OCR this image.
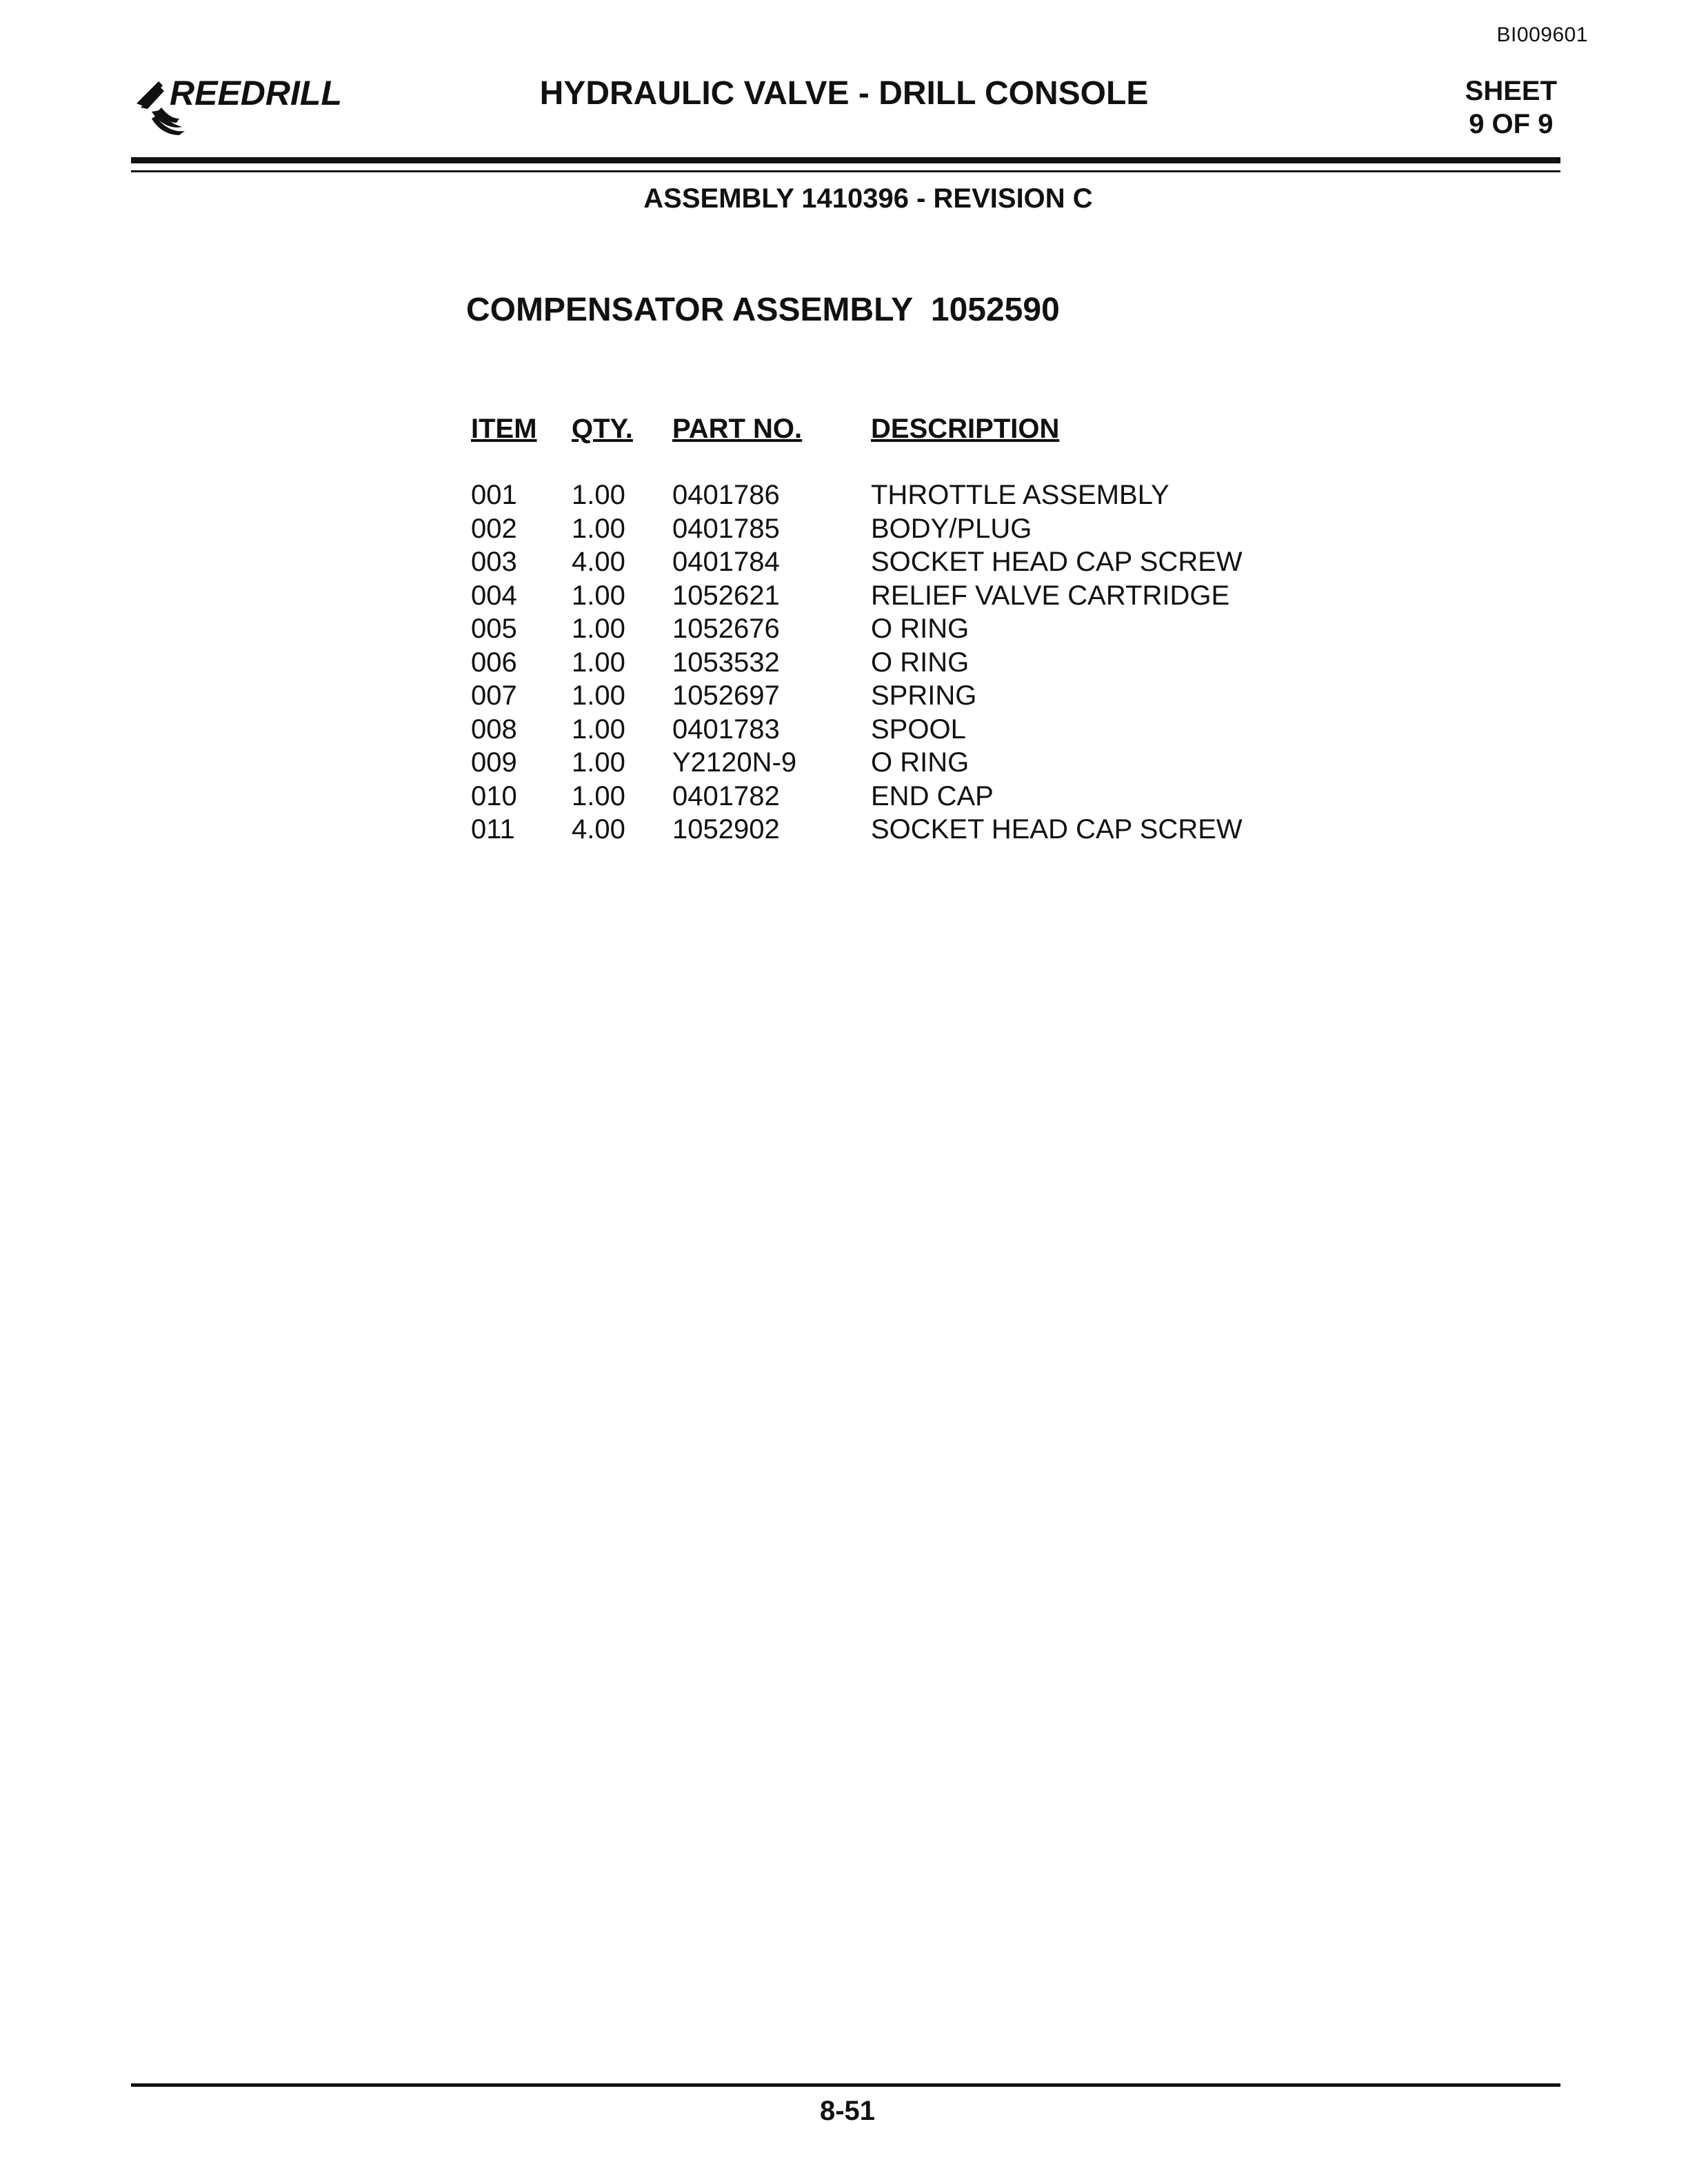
BI009601
REEDRILL	HYDRAULIC VALVE - DRILL CONSOLE	SHEET
9 OF 9
ASSEMBLY 1410396 - REVISION C
COMPENSATOR ASSEMBLY  1052590
ITEM	QTY.	PART NO.	DESCRIPTION

001	1.00	0401786	THROTTLE ASSEMBLY
002	1.00	0401785	BODY/PLUG
003	4.00	0401784	SOCKET HEAD CAP SCREW
004	1.00	1052621	RELIEF VALVE CARTRIDGE
005	1.00	1052676	O RING
006	1.00	1053532	O RING
007	1.00	1052697	SPRING
008	1.00	0401783	SPOOL
009	1.00	Y2120N-9	O RING
010	1.00	0401782	END CAP
011	4.00	1052902	SOCKET HEAD CAP SCREW
8-51
